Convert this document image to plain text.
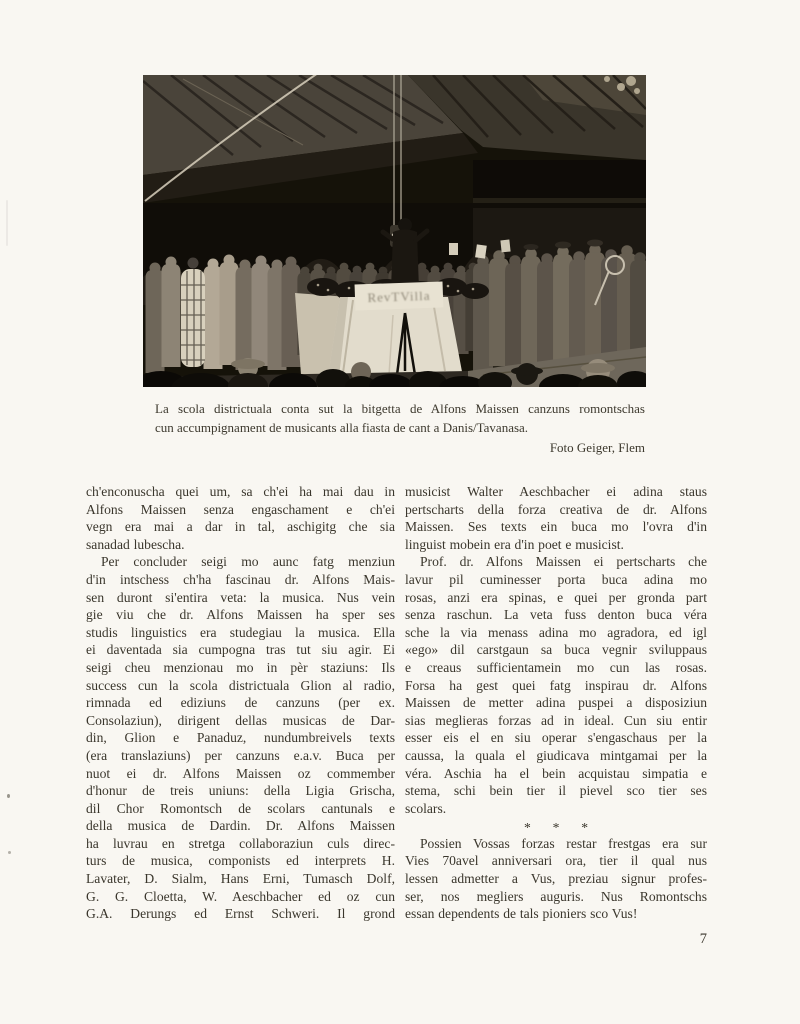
RevTVilla
La scola districtuala conta sut la bitgetta de Alfons Maissen canzuns romontschas
cun accumpignament de musicants alla fiasta de cant a Danis/Tavanasa.
Foto Geiger, Flem

ch'enconuscha quei um, sa ch'ei ha mai dau in
Alfons Maissen senza engaschament e ch'ei
vegn era mai a dar in tal, aschigitg che sia
sanadad lubescha.

Per concluder seigi mo aunc fatg menziun
d'in intschess ch'ha fascinau dr. Alfons Mais-
sen duront si'entira veta: la musica. Nus vein
gie viu che dr. Alfons Maissen ha sper ses
studis linguistics era studegiau la musica. Ella
ei daventada sia cumpogna tras tut siu agir. Ei
seigi cheu menzionau mo in pèr staziuns: Ils
success cun la scola districtuala Glion al radio,
rimnada ed ediziuns de canzuns (per ex.
Consolaziun), dirigent dellas musicas de Dar-
din, Glion e Panaduz, nundumbreivels texts
(era translaziuns) per canzuns e.a.v. Buca per
nuot ei dr. Alfons Maissen oz commember
d'honur de treis uniuns: della Ligia Grischa,
dil Chor Romontsch de scolars cantunals e
della musica de Dardin. Dr. Alfons Maissen
ha luvrau en stretga collaboraziun culs direc-
turs de musica, componists ed interprets H.
Lavater, D. Sialm, Hans Erni, Tumasch Dolf,
G. G. Cloetta, W. Aeschbacher ed oz cun
G.A. Derungs ed Ernst Schweri. Il grond

musicist Walter Aeschbacher ei adina staus
pertscharts della forza creativa de dr. Alfons
Maissen. Ses texts ein buca mo l'ovra d'in
linguist mobein era d'in poet e musicist.

Prof. dr. Alfons Maissen ei pertscharts che
lavur pil cuminesser porta buca adina mo
rosas, anzi era spinas, e quei per gronda part
senza raschun. La veta fuss denton buca véra
sche la via menass adina mo agradora, ed igl
«ego» dil carstgaun sa buca vegnir sviluppaus
e creaus sufficientamein mo cun las rosas.
Forsa ha gest quei fatg inspirau dr. Alfons
Maissen de metter adina puspei a disposiziun
sias meglieras forzas ad in ideal. Cun siu entir
esser eis el en siu operar s'engaschaus per la
caussa, la quala el giudicava mintgamai per la
véra. Aschia ha el bein acquistau simpatia e
stema, schi bein tier il pievel sco tier ses
scolars.

* * *

Possien Vossas forzas restar frestgas era sur
Vies 70avel anniversari ora, tier il qual nus
lessen admetter a Vus, preziau signur profes-
ser, nos megliers auguris. Nus Romontschs
essan dependents de tals pioniers sco Vus!

7
